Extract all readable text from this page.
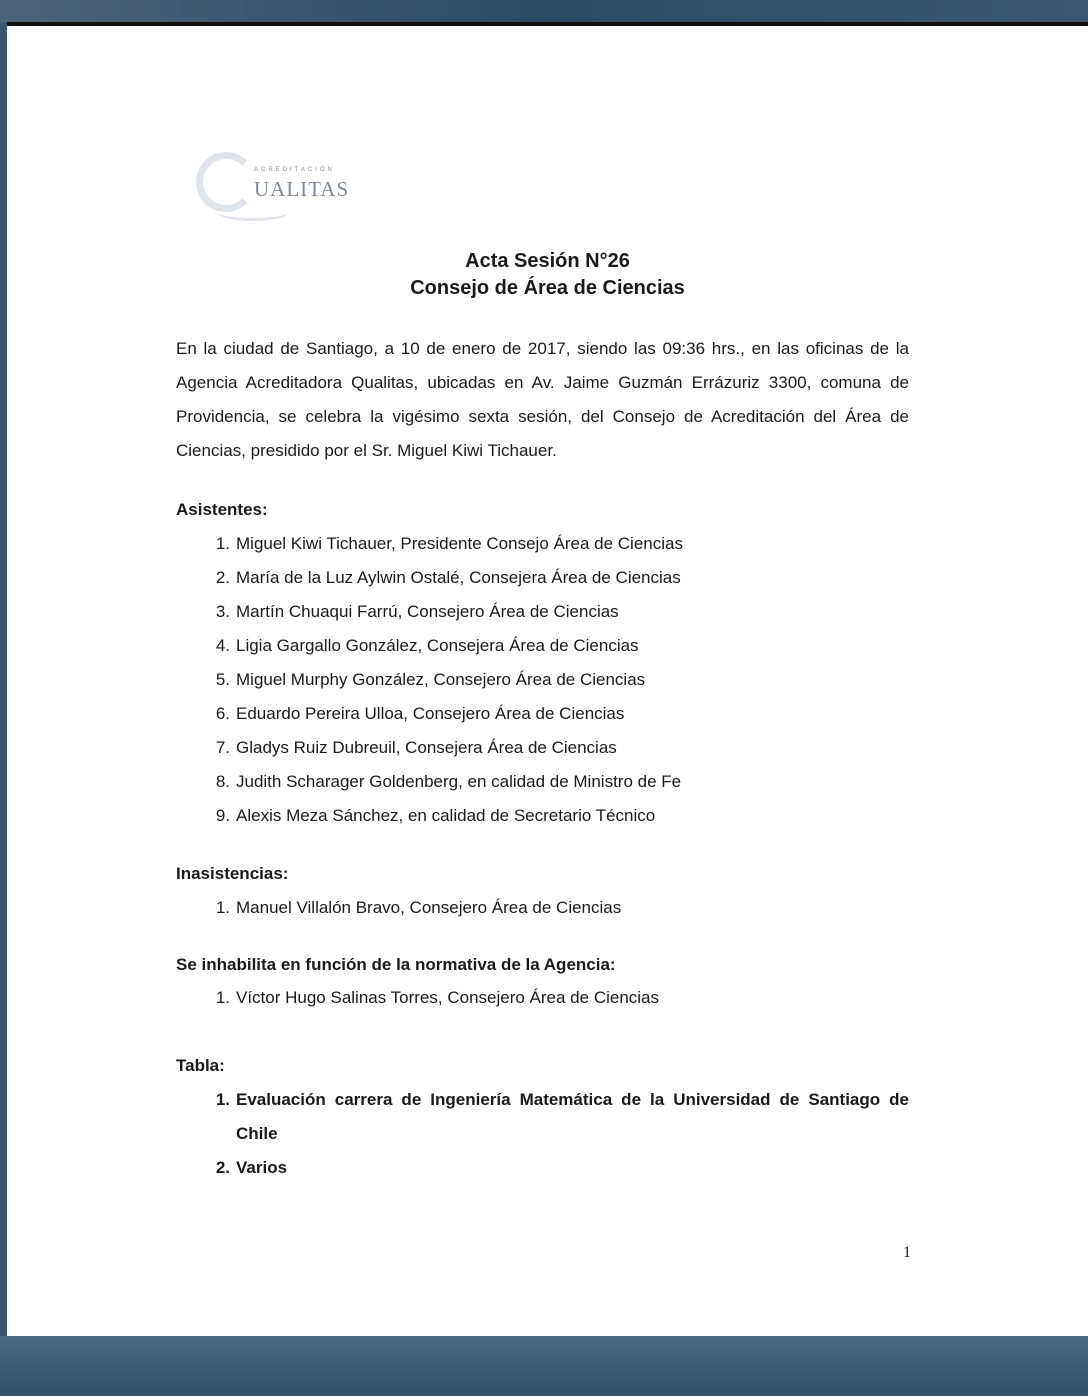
ACREDITACIÓN
UALITAS
Acta Sesión N°26
Consejo de Área de Ciencias

En la ciudad de Santiago, a 10 de enero de 2017, siendo las 09:36 hrs., en las oficinas de la Agencia Acreditadora Qualitas, ubicadas en Av. Jaime Guzmán Errázuriz 3300, comuna de Providencia, se celebra la vigésimo sexta sesión, del Consejo de Acreditación del Área de Ciencias, presidido por el Sr. Miguel Kiwi Tichauer.

Asistentes:
1. Miguel Kiwi Tichauer, Presidente Consejo Área de Ciencias
2. María de la Luz Aylwin Ostalé, Consejera Área de Ciencias
3. Martín Chuaqui Farrú, Consejero Área de Ciencias
4. Ligia Gargallo González, Consejera Área de Ciencias
5. Miguel Murphy González, Consejero Área de Ciencias
6. Eduardo Pereira Ulloa, Consejero Área de Ciencias
7. Gladys Ruiz Dubreuil, Consejera Área de Ciencias
8. Judith Scharager Goldenberg, en calidad de Ministro de Fe
9. Alexis Meza Sánchez, en calidad de Secretario Técnico
Inasistencias:
1. Manuel Villalón Bravo, Consejero Área de Ciencias
Se inhabilita en función de la normativa de la Agencia:
1. Víctor Hugo Salinas Torres, Consejero Área de Ciencias
Tabla:
1. Evaluación carrera de Ingeniería Matemática de la Universidad de Santiago de Chile
2. Varios
1
